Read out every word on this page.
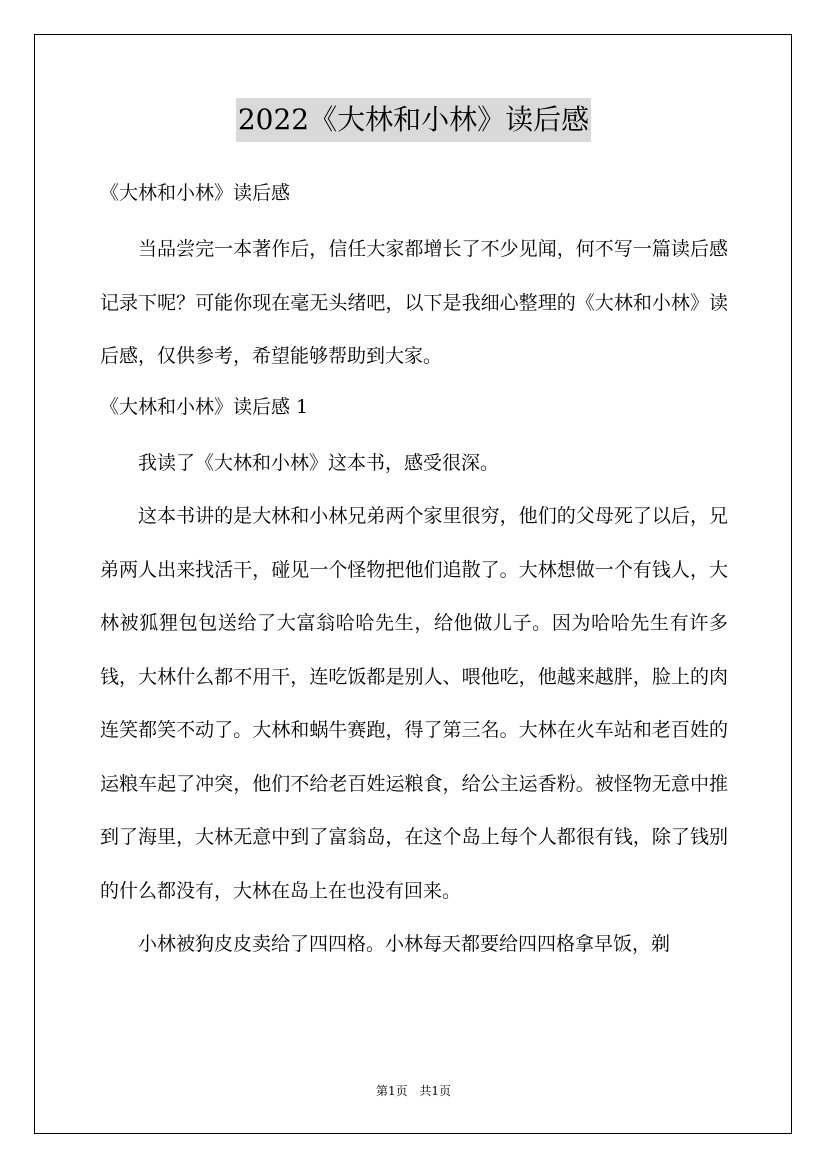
2022《大林和小林》读后感

《大林和小林》读后感

当品尝完一本著作后，信任大家都增长了不少见闻，何不写一篇读后感记录下呢？可能你现在毫无头绪吧，以下是我细心整理的《大林和小林》读后感，仅供参考，希望能够帮助到大家。

《大林和小林》读后感 1

我读了《大林和小林》这本书，感受很深。

这本书讲的是大林和小林兄弟两个家里很穷，他们的父母死了以后，兄弟两人出来找活干，碰见一个怪物把他们追散了。大林想做一个有钱人，大林被狐狸包包送给了大富翁哈哈先生，给他做儿子。因为哈哈先生有许多钱，大林什么都不用干，连吃饭都是别人、喂他吃，他越来越胖，脸上的肉连笑都笑不动了。大林和蜗牛赛跑，得了第三名。大林在火车站和老百姓的运粮车起了冲突，他们不给老百姓运粮食，给公主运香粉。被怪物无意中推到了海里，大林无意中到了富翁岛，在这个岛上每个人都很有钱，除了钱别的什么都没有，大林在岛上在也没有回来。

小林被狗皮皮卖给了四四格。小林每天都要给四四格拿早饭，剃

第1页 共1页
